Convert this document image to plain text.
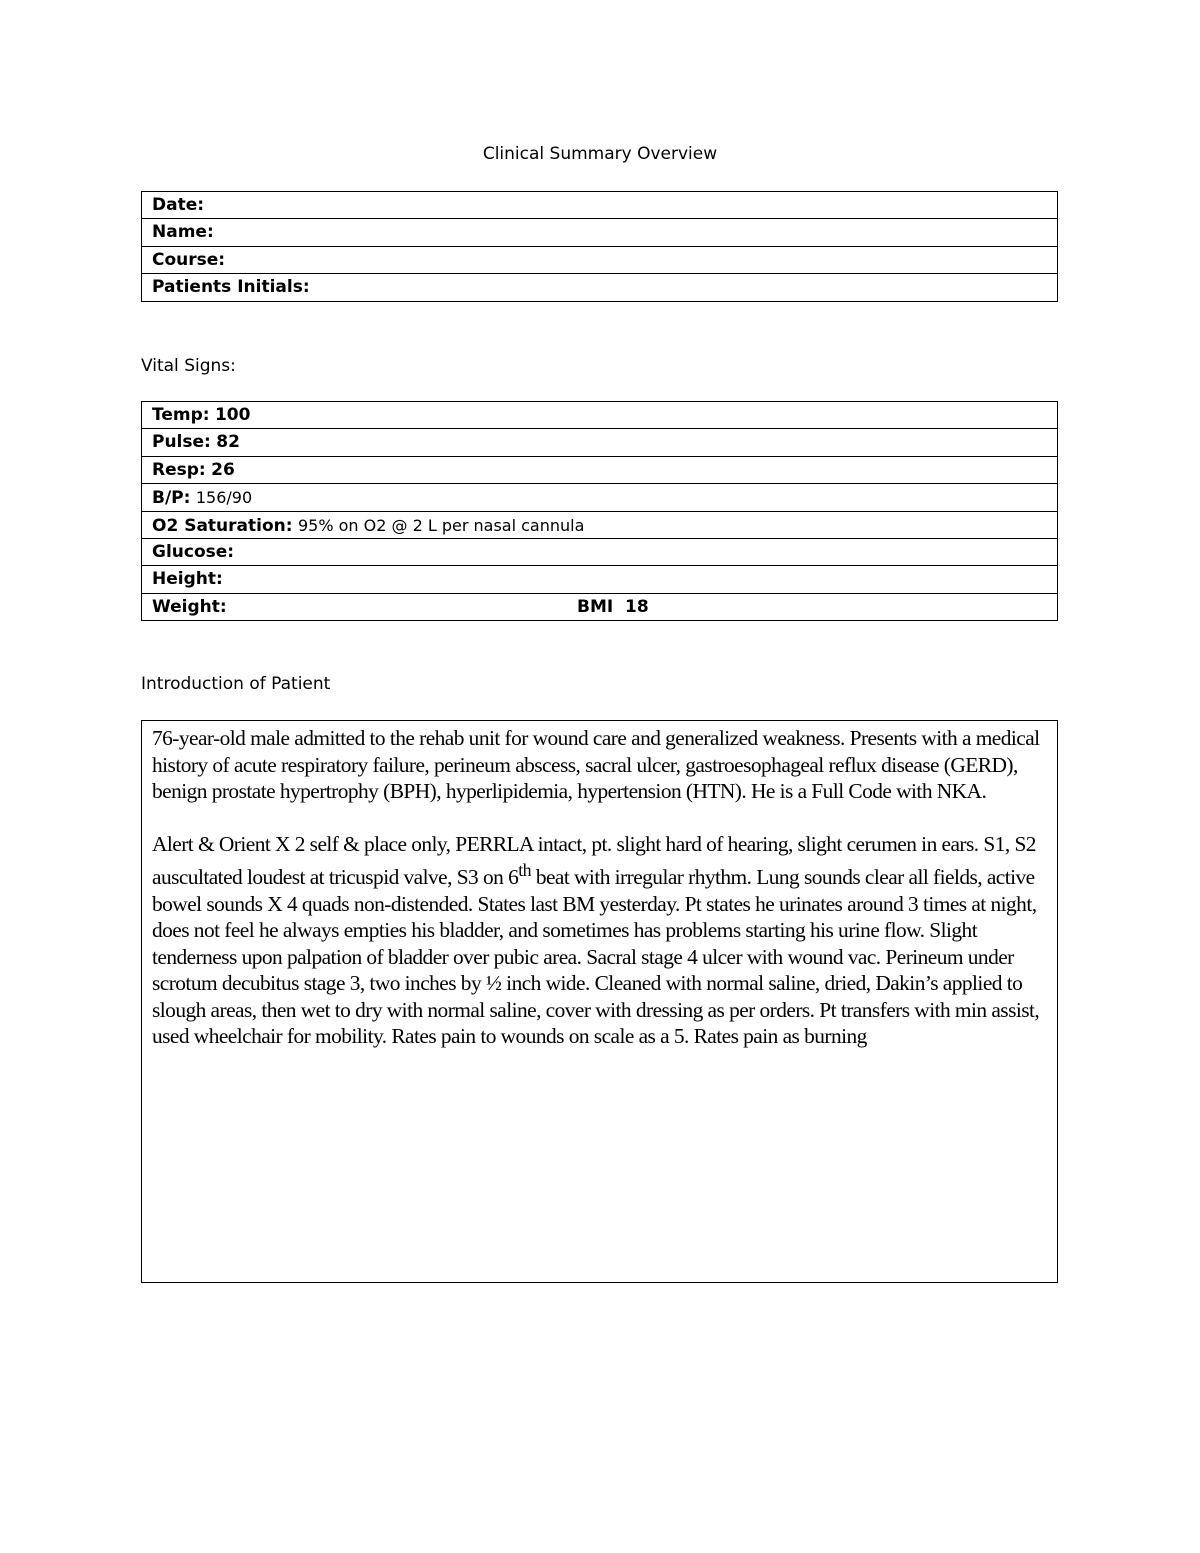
Clinical Summary Overview
Date:
Name:
Course:
Patients Initials:
Vital Signs:
Temp: 100
Pulse: 82
Resp: 26
B/P: 156/90
O2 Saturation: 95% on O2 @ 2 L per nasal cannula
Glucose:
Height:
Weight:	BMI 18
Introduction of Patient

76-year-old male admitted to the rehab unit for wound care and generalized weakness. Presents with a medical history of acute respiratory failure, perineum abscess, sacral ulcer, gastroesophageal reflux disease (GERD), benign prostate hypertrophy (BPH), hyperlipidemia, hypertension (HTN). He is a Full Code with NKA.

Alert & Orient X 2 self & place only, PERRLA intact, pt. slight hard of hearing, slight cerumen in ears. S1, S2 auscultated loudest at tricuspid valve, S3 on 6th beat with irregular rhythm. Lung sounds clear all fields, active bowel sounds X 4 quads non-distended. States last BM yesterday. Pt states he urinates around 3 times at night, does not feel he always empties his bladder, and sometimes has problems starting his urine flow. Slight tenderness upon palpation of bladder over pubic area. Sacral stage 4 ulcer with wound vac. Perineum under scrotum decubitus stage 3, two inches by ½ inch wide. Cleaned with normal saline, dried, Dakin’s applied to slough areas, then wet to dry with normal saline, cover with dressing as per orders. Pt transfers with min assist, used wheelchair for mobility. Rates pain to wounds on scale as a 5. Rates pain as burning
